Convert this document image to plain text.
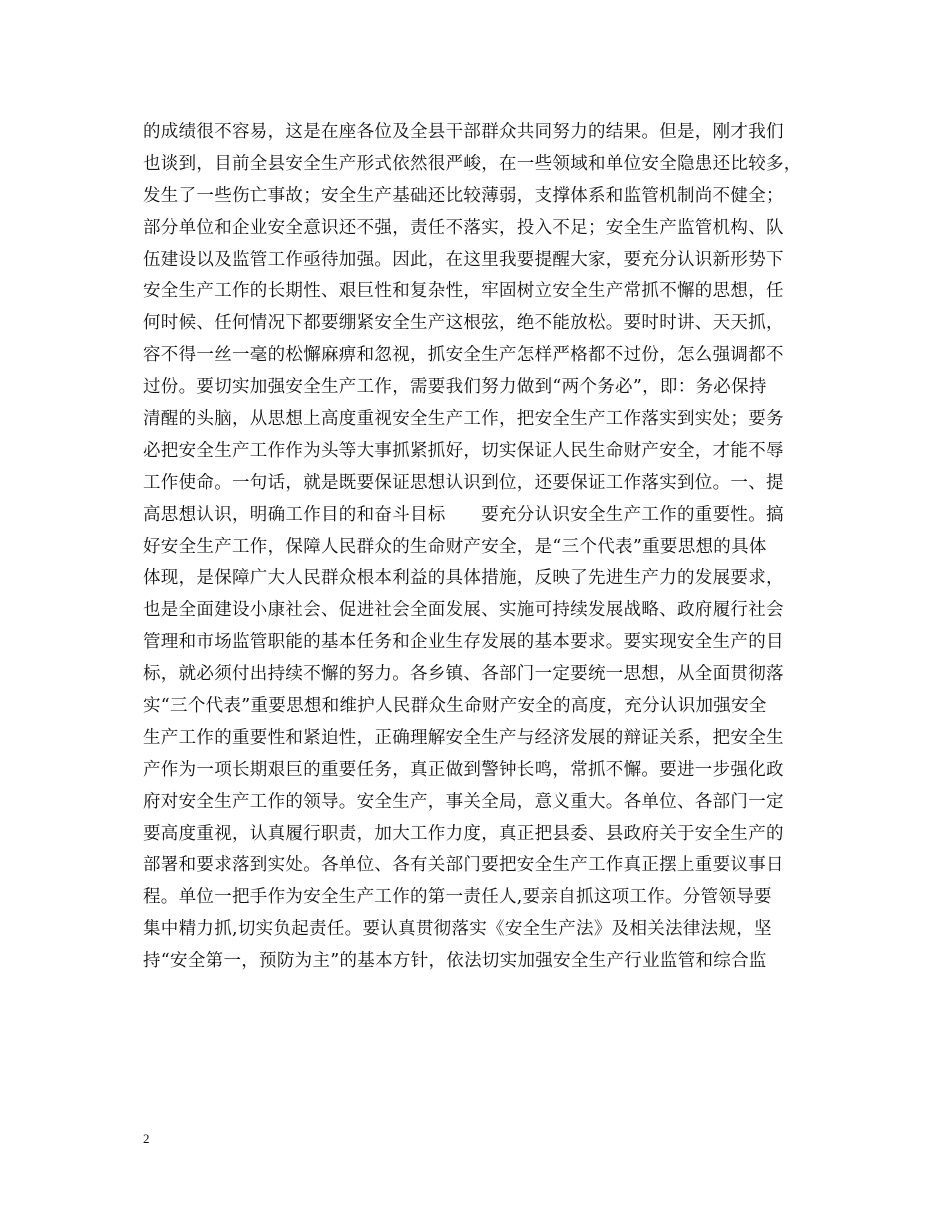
的成绩很不容易，这是在座各位及全县干部群众共同努力的结果。但是，刚才我们
也谈到，目前全县安全生产形式依然很严峻，在一些领域和单位安全隐患还比较多，
发生了一些伤亡事故；安全生产基础还比较薄弱，支撑体系和监管机制尚不健全；
部分单位和企业安全意识还不强，责任不落实，投入不足；安全生产监管机构、队
伍建设以及监管工作亟待加强。因此，在这里我要提醒大家，要充分认识新形势下
安全生产工作的长期性、艰巨性和复杂性，牢固树立安全生产常抓不懈的思想，任
何时候、任何情况下都要绷紧安全生产这根弦，绝不能放松。要时时讲、天天抓，
容不得一丝一毫的松懈麻痹和忽视，抓安全生产怎样严格都不过份，怎么强调都不
过份。要切实加强安全生产工作，需要我们努力做到“两个务必”，即：务必保持
清醒的头脑，从思想上高度重视安全生产工作，把安全生产工作落实到实处；要务
必把安全生产工作作为头等大事抓紧抓好，切实保证人民生命财产安全，才能不辱
工作使命。一句话，就是既要保证思想认识到位，还要保证工作落实到位。一、提
高思想认识，明确工作目的和奋斗目标　　要充分认识安全生产工作的重要性。搞
好安全生产工作，保障人民群众的生命财产安全，是“三个代表”重要思想的具体
体现，是保障广大人民群众根本利益的具体措施，反映了先进生产力的发展要求，
也是全面建设小康社会、促进社会全面发展、实施可持续发展战略、政府履行社会
管理和市场监管职能的基本任务和企业生存发展的基本要求。要实现安全生产的目
标，就必须付出持续不懈的努力。各乡镇、各部门一定要统一思想，从全面贯彻落
实“三个代表”重要思想和维护人民群众生命财产安全的高度，充分认识加强安全
生产工作的重要性和紧迫性，正确理解安全生产与经济发展的辩证关系，把安全生
产作为一项长期艰巨的重要任务，真正做到警钟长鸣，常抓不懈。要进一步强化政
府对安全生产工作的领导。安全生产，事关全局，意义重大。各单位、各部门一定
要高度重视，认真履行职责，加大工作力度，真正把县委、县政府关于安全生产的
部署和要求落到实处。各单位、各有关部门要把安全生产工作真正摆上重要议事日
程。单位一把手作为安全生产工作的第一责任人,要亲自抓这项工作。分管领导要
集中精力抓,切实负起责任。要认真贯彻落实《安全生产法》及相关法律法规，坚
持“安全第一，预防为主”的基本方针，依法切实加强安全生产行业监管和综合监
2
